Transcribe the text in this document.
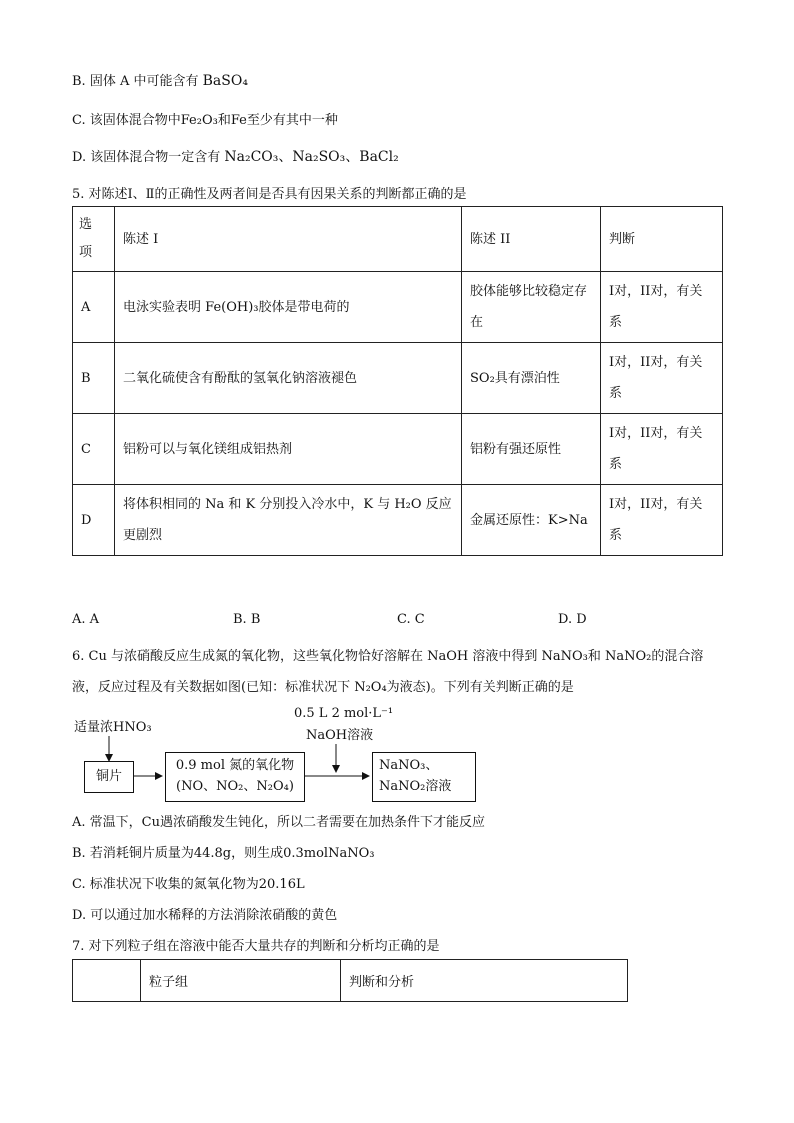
B. 固体 A 中可能含有 BaSO₄
C. 该固体混合物中Fe₂O₃和Fe至少有其中一种
D. 该固体混合物一定含有 Na₂CO₃、Na₂SO₃、BaCl₂
5. 对陈述Ⅰ、Ⅱ的正确性及两者间是否具有因果关系的判断都正确的是
选
项	陈述 I	陈述 II	判断
A	电泳实验表明 Fe(OH)₃胶体是带电荷的	胶体能够比较稳定存在	I对，II对，有关系
B	二氧化硫使含有酚酞的氢氧化钠溶液褪色	SO₂具有漂泊性	I对，II对，有关系
C	铝粉可以与氧化镁组成铝热剂	铝粉有强还原性	I对，II对，有关系
D	将体积相同的 Na 和 K 分别投入冷水中，K 与 H₂O 反应更剧烈	金属还原性：K>Na	I对，II对，有关系
A. A	B. B	C. C	D. D
6. Cu 与浓硝酸反应生成氮的氧化物，这些氧化物恰好溶解在 NaOH 溶液中得到 NaNO₃和 NaNO₂的混合溶
液，反应过程及有关数据如图(已知：标准状况下 N₂O₄为液态)。下列有关判断正确的是
适量浓HNO₃
0.5 L 2 mol·L⁻¹
NaOH溶液
铜片
0.9 mol 氮的氧化物
(NO、NO₂、N₂O₄)
NaNO₃、
NaNO₂溶液
A. 常温下，Cu遇浓硝酸发生钝化，所以二者需要在加热条件下才能反应
B. 若消耗铜片质量为44.8g，则生成0.3molNaNO₃
C. 标准状况下收集的氮氧化物为20.16L
D. 可以通过加水稀释的方法消除浓硝酸的黄色
7. 对下列粒子组在溶液中能否大量共存的判断和分析均正确的是
	粒子组	判断和分析
